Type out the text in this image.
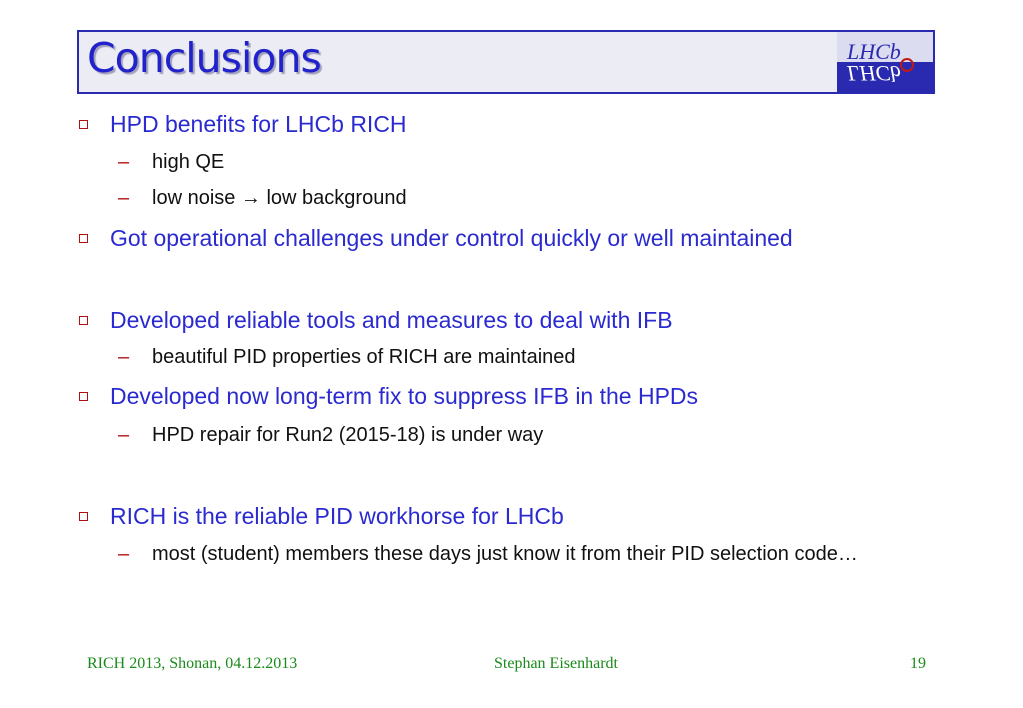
Conclusions	LHCb
LHCb
HPD benefits for LHCb RICH
– high QE
– low noise → low background
Got operational challenges under control quickly or well maintained
Developed reliable tools and measures to deal with IFB
– beautiful PID properties of RICH are maintained
Developed now long-term fix to suppress IFB in the HPDs
– HPD repair for Run2 (2015-18) is under way
RICH is the reliable PID workhorse for LHCb
– most (student) members these days just know it from their PID selection code…
RICH 2013, Shonan, 04.12.2013	Stephan Eisenhardt	19
